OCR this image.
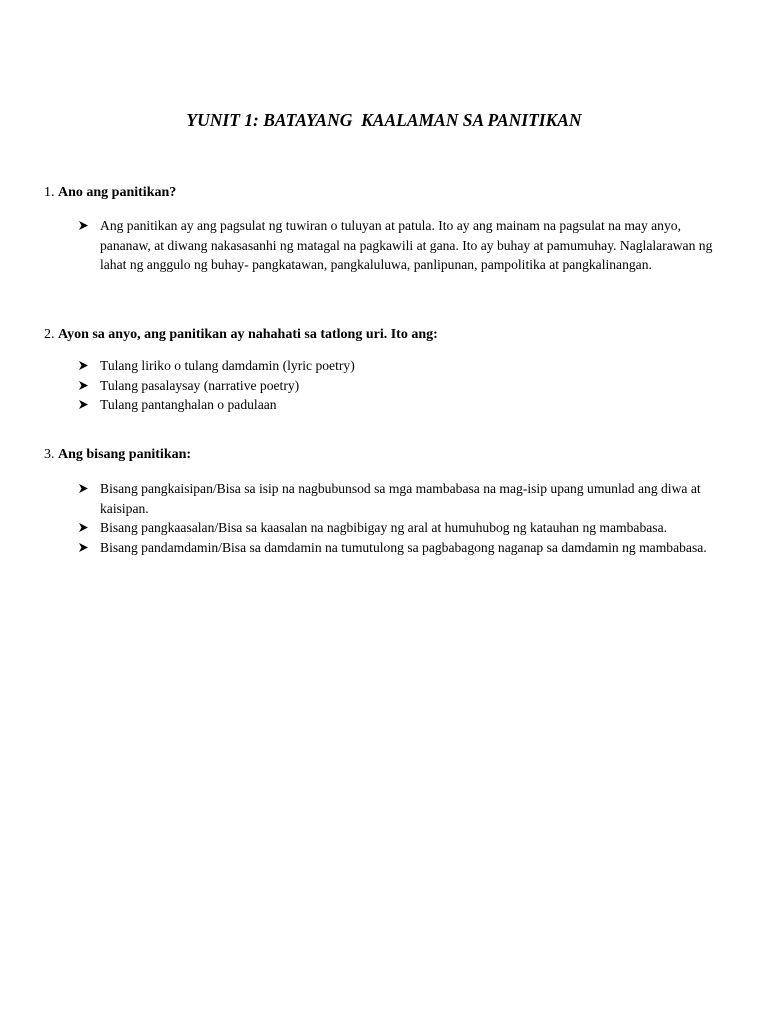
YUNIT 1: BATAYANG  KAALAMAN SA PANITIKAN
1. Ano ang panitikan?
Ang panitikan ay ang pagsulat ng tuwiran o tuluyan at patula. Ito ay ang mainam na pagsulat na may anyo, pananaw, at diwang nakasasanhi ng matagal na pagkawili at gana. Ito ay buhay at pamumuhay. Naglalarawan ng lahat ng anggulo ng buhay- pangkatawan, pangkaluluwa, panlipunan, pampolitika at pangkalinangan.
2. Ayon sa anyo, ang panitikan ay nahahati sa tatlong uri. Ito ang:
Tulang liriko o tulang damdamin (lyric poetry)
Tulang pasalaysay (narrative poetry)
Tulang pantanghalan o padulaan
3. Ang bisang panitikan:
Bisang pangkaisipan/Bisa sa isip na nagbubunsod sa mga mambabasa na mag-isip upang umunlad ang diwa at kaisipan.
Bisang pangkaasalan/Bisa sa kaasalan na nagbibigay ng aral at humuhubog ng katauhan ng mambabasa.
Bisang pandamdamin/Bisa sa damdamin na tumutulong sa pagbabagong naganap sa damdamin ng mambabasa.
